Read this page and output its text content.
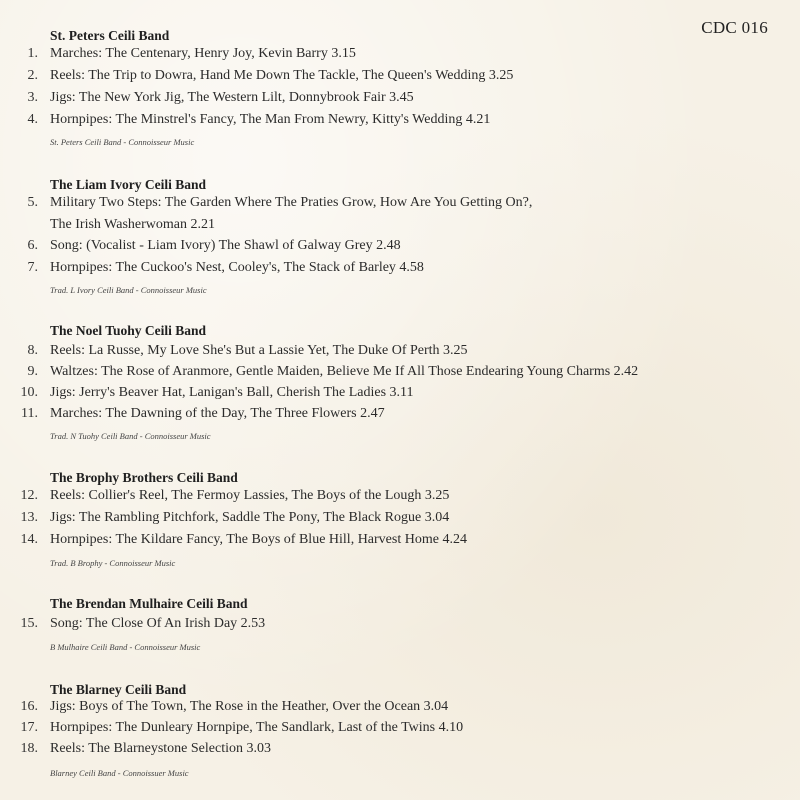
CDC 016
St. Peters Ceili Band
1. Marches: The Centenary, Henry Joy, Kevin Barry 3.15
2. Reels: The Trip to Dowra, Hand Me Down The Tackle, The Queen's Wedding 3.25
3. Jigs: The New York Jig, The Western Lilt, Donnybrook Fair 3.45
4. Hornpipes: The Minstrel's Fancy, The Man From Newry, Kitty's Wedding 4.21
St. Peters Ceili Band - Connoisseur Music
The Liam Ivory Ceili Band
5. Military Two Steps: The Garden Where The Praties Grow, How Are You Getting On?,
The Irish Washerwoman 2.21
6. Song: (Vocalist - Liam Ivory) The Shawl of Galway Grey 2.48
7. Hornpipes: The Cuckoo's Nest, Cooley's, The Stack of Barley 4.58
Trad. L Ivory Ceili Band - Connoisseur Music
The Noel Tuohy Ceili Band
8. Reels: La Russe, My Love She's But a Lassie Yet, The Duke Of Perth 3.25
9. Waltzes: The Rose of Aranmore, Gentle Maiden, Believe Me If All Those Endearing Young Charms 2.42
10. Jigs: Jerry's Beaver Hat, Lanigan's Ball, Cherish The Ladies 3.11
11. Marches: The Dawning of the Day, The Three Flowers 2.47
Trad. N Tuohy Ceili Band - Connoisseur Music
The Brophy Brothers Ceili Band
12. Reels: Collier's Reel, The Fermoy Lassies, The Boys of the Lough 3.25
13. Jigs: The Rambling Pitchfork, Saddle The Pony, The Black Rogue 3.04
14. Hornpipes: The Kildare Fancy, The Boys of Blue Hill, Harvest Home 4.24
Trad. B Brophy - Connoisseur Music
The Brendan Mulhaire Ceili Band
15. Song: The Close Of An Irish Day 2.53
B Mulhaire Ceili Band - Connoisseur Music
The Blarney Ceili Band
16. Jigs: Boys of The Town, The Rose in the Heather, Over the Ocean 3.04
17. Hornpipes: The Dunleary Hornpipe, The Sandlark, Last of the Twins 4.10
18. Reels: The Blarneystone Selection 3.03
Blarney Ceili Band - Connoissuer Music
